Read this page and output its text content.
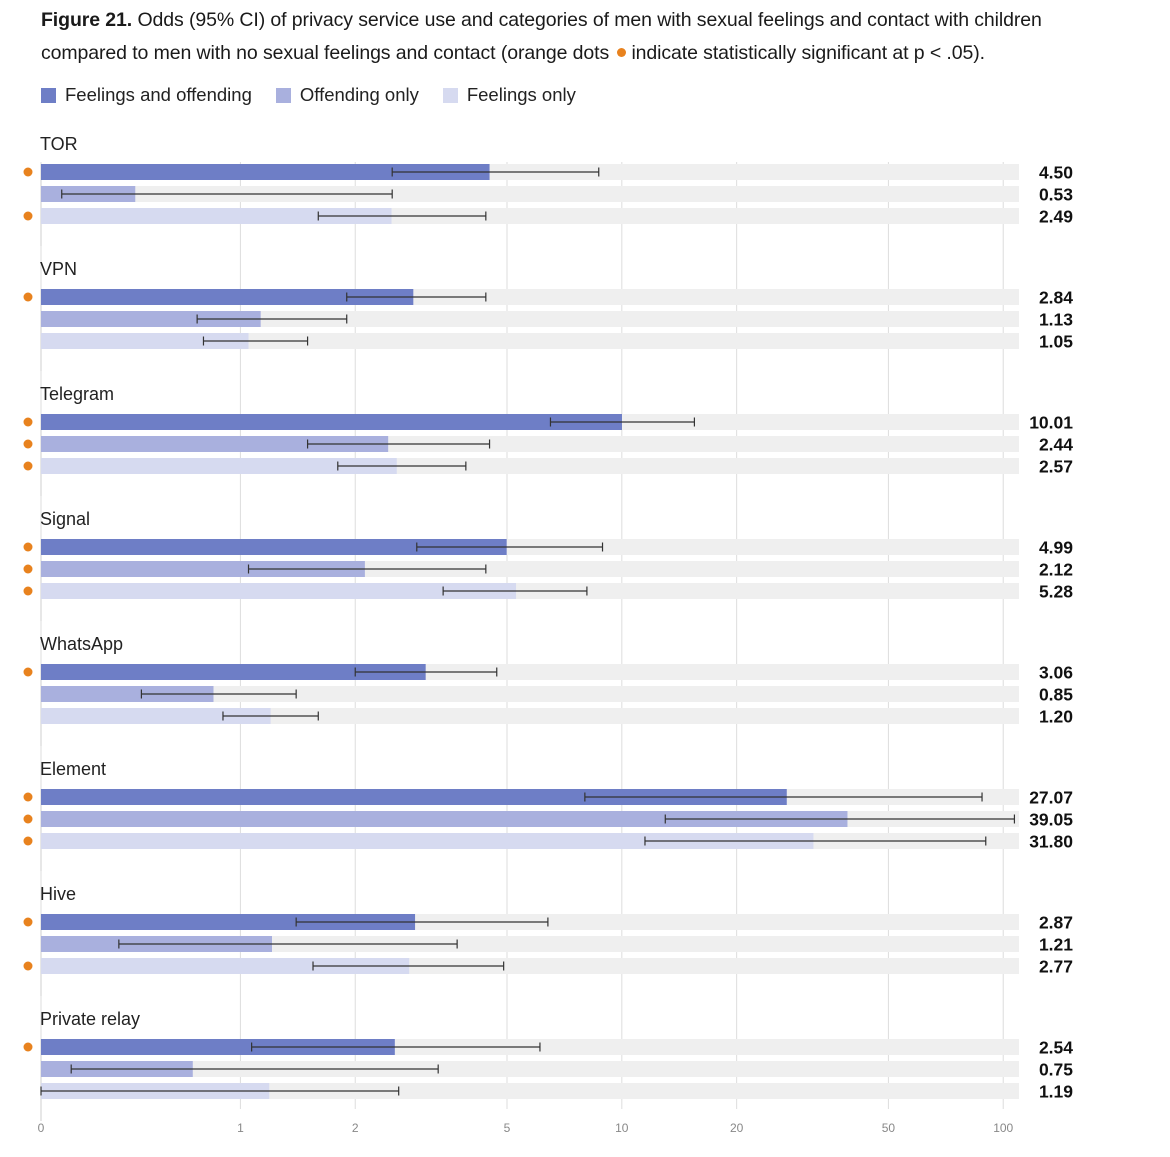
Figure 21. Odds (95% CI) of privacy service use and categories of men with sexual feelings and contact with children compared to men with no sexual feelings and contact (orange dots indicate statistically significant at p < .05).
Feelings and offending	Offending only	Feelings only
0	1	2	5	10	20	50	100
TOR
4.50
0.53
2.49
VPN
2.84
1.13
1.05
Telegram
10.01
2.44
2.57
Signal
4.99
2.12
5.28
WhatsApp
3.06
0.85
1.20
Element
27.07
39.05
31.80
Hive
2.87
1.21
2.77
Private relay
2.54
0.75
1.19
